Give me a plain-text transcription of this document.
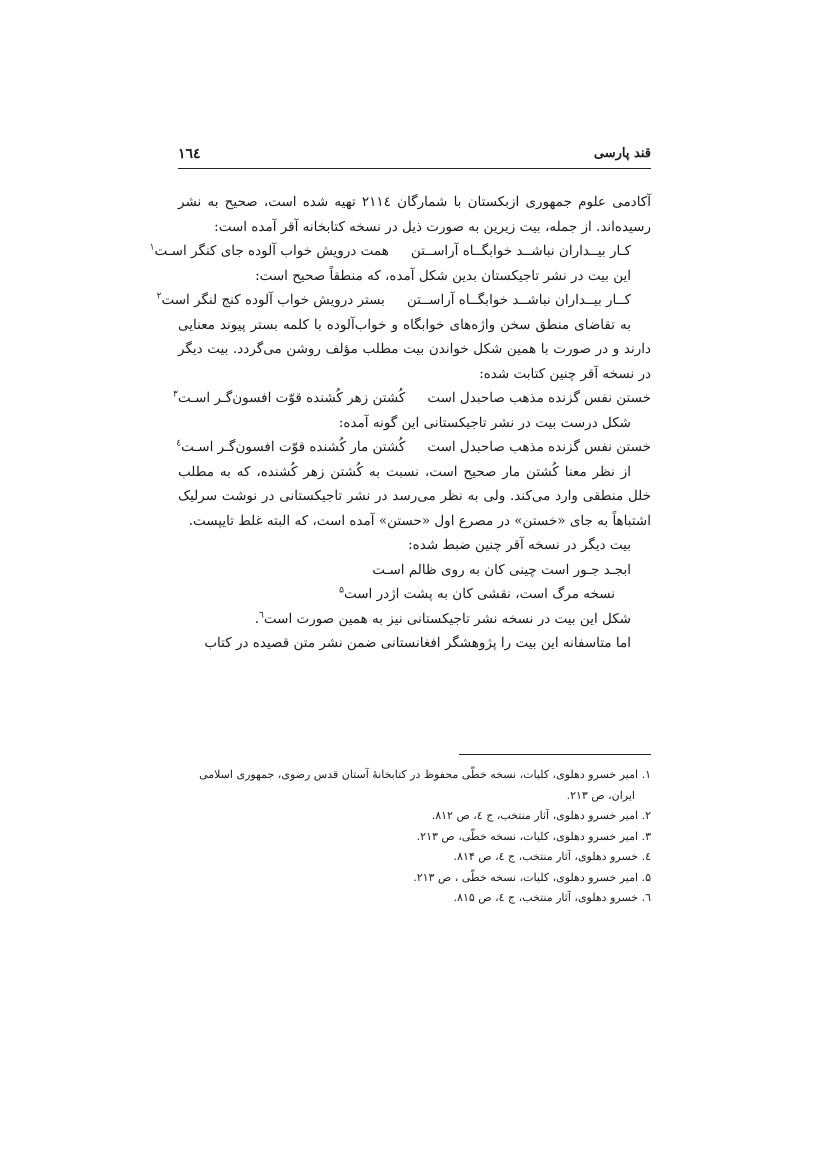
قند پارسی
۱٦٤

آکادمی علوم جمهوری ازبکستان با شمارگان ۲۱۱٤ تهیه شده است، صحیح به نشر رسیده‌اند. از جمله، بیت زیرین به صورت ذیل در نسخه کتابخانه آقر آمده است:

کـار بیــداران نباشــد خوابگــاه آراســتن
همت درویش خواب آلوده جای کنگر اسـت$^۱$

این بیت در نشر تاجیکستان بدین شکل آمده، که منطقاً صحیح است:

کــار بیــداران نباشــد خوابگــاه آراســتن
بستر درویش خواب آلوده کنج لنگر است$^۲$

به تقاضای منطق سخن واژه‌های خوابگاه و خواب‌آلوده با کلمه بستر پیوند معنایی دارند و در صورت با همین شکل خواندن بیت مطلب مؤلف روشن می‌گردد. بیت دیگر در نسخه آقر چنین کتابت شده:

خستن نفس گزنده مذهب صاحبدل است
کُشتن زهر کُشنده قوّت افسون‌گـر اسـت$^۳$

شکل درست بیت در نشر تاجیکستانی این گونه آمده:

خستن نفس گزنده مذهب صاحبدل است
کُشتن مار کُشنده قوّت افسون‌گـر اسـت$^٤$

از نظر معنا کُشتن مار صحیح است، نسبت به کُشتن زهر کُشنده، که به مطلب خلل منطقی وارد می‌کند. ولی به نظر می‌رسد در نشر تاجیکستانی در نوشت سرلیک اشتباهاً به جای «خستن» در مصرع اول «حستن» آمده است، که البته غلط تایپست.

بیت دیگر در نسخه آقر چنین ضبط شده:

ابجـد جـور است چینی کان به روی ظالم اسـت
نسخه مرگ است، نقشی کان به پشت اژدر است$^۵$

شکل این بیت در نسخه نشر تاجیکستانی نیز به همین صورت است$^٦$.

اما متاسفانه این بیت را پژوهشگر افغانستانی ضمن نشر متن قصیده در کتاب

۱. امیر خسرو دهلوی، کلیات، نسخه خطّی محفوظ در کتابخانهٔ آستان قدس رضوی، جمهوری اسلامی
ایران، ص ۲۱۳.

۲. امیر خسرو دهلوی، آثار منتخب، ج ٤، ص ۸۱۲.

۳. امیر خسرو دهلوی، کلیات، نسخه خطّی، ص ۲۱۳.

٤. خسرو دهلوی، آثار منتخب، ج ٤، ص ۸۱۴.

۵. امیر خسرو دهلوی، کلیات، نسخه خطّی ، ص ۲۱۳.

٦. خسرو دهلوی، آثار منتخب، ج ٤، ص ۸۱۵.
